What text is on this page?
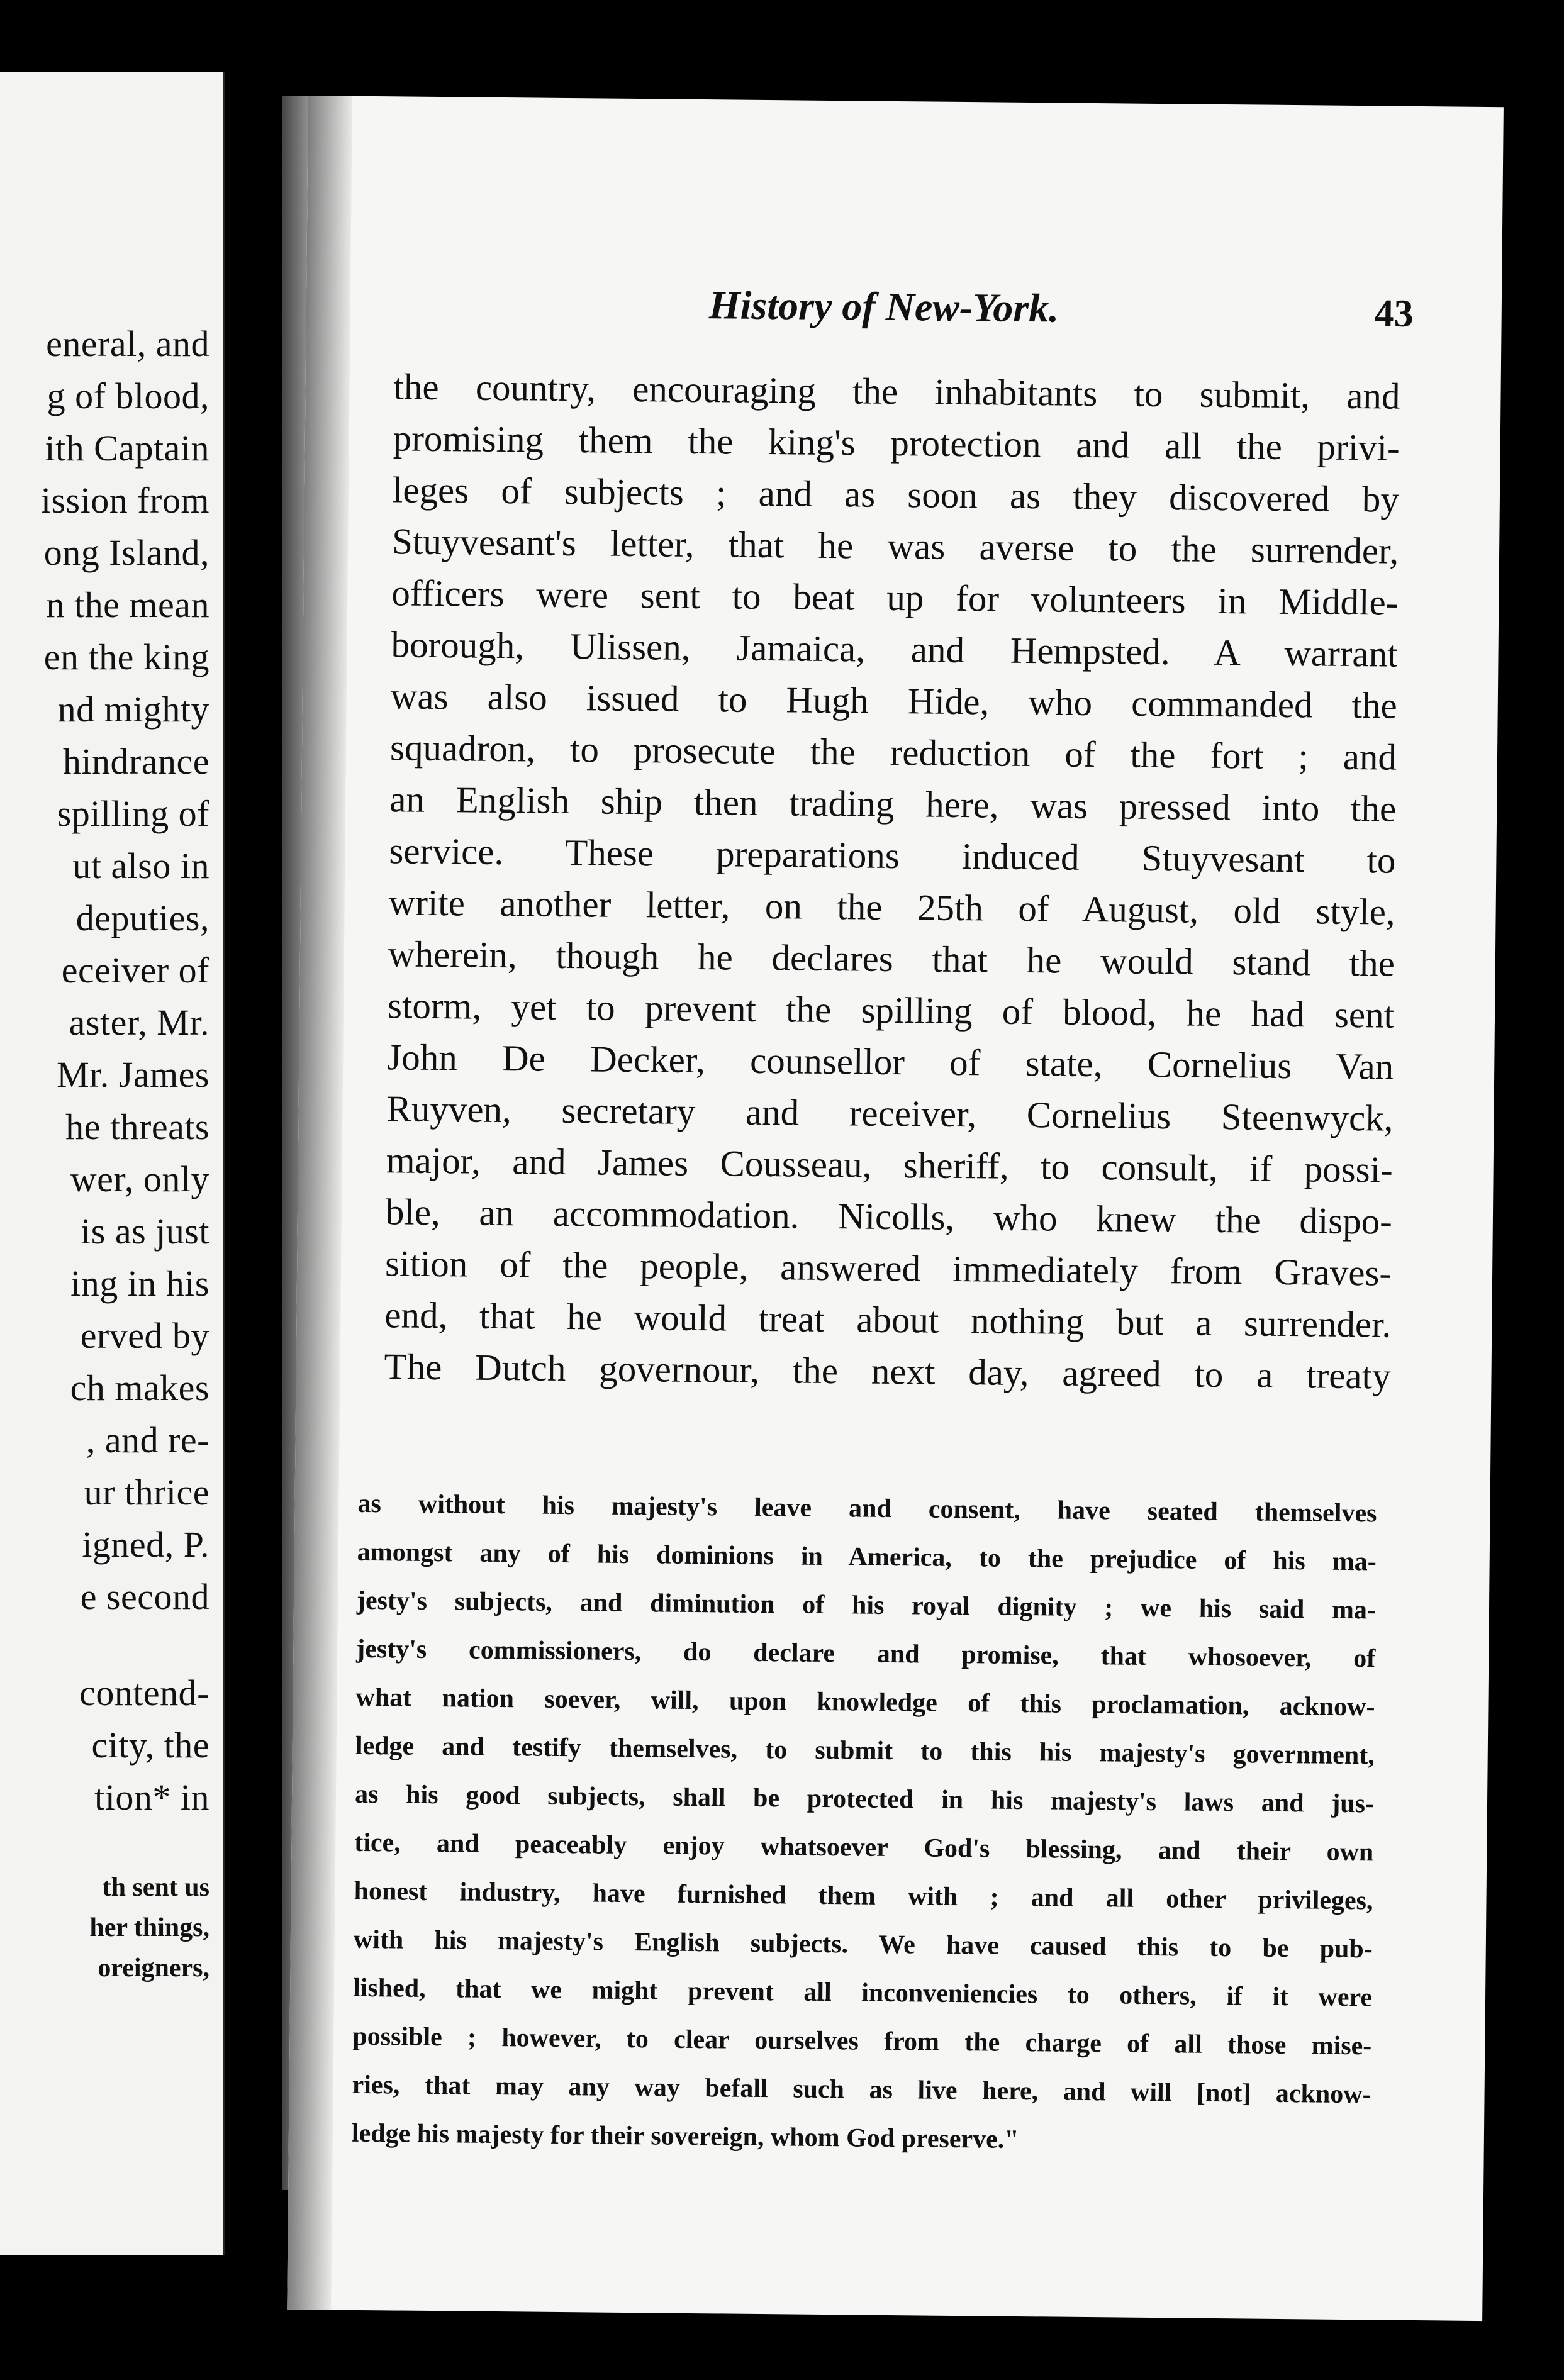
eneral, and
g of blood,
ith Captain
ission from
ong Island,
n the mean
en the king
nd mighty
hindrance
spilling of
ut also in
deputies,
eceiver of
aster, Mr.
Mr. James
he threats
wer, only
is as just
ing in his
erved by
ch makes
, and re-
ur thrice
igned, P.
e second
contend-
city, the
tion* in
th sent us
her things,
oreigners,
History of New-York.	43
the country, encouraging the inhabitants to submit, and
promising them the king's protection and all the privi-
leges of subjects ; and as soon as they discovered by
Stuyvesant's letter, that he was averse to the surrender,
officers were sent to beat up for volunteers in Middle-
borough, Ulissen, Jamaica, and Hempsted. A warrant
was also issued to Hugh Hide, who commanded the
squadron, to prosecute the reduction of the fort ; and
an English ship then trading here, was pressed into the
service. These preparations induced Stuyvesant to
write another letter, on the 25th of August, old style,
wherein, though he declares that he would stand the
storm, yet to prevent the spilling of blood, he had sent
John De Decker, counsellor of state, Cornelius Van
Ruyven, secretary and receiver, Cornelius Steenwyck,
major, and James Cousseau, sheriff, to consult, if possi-
ble, an accommodation. Nicolls, who knew the dispo-
sition of the people, answered immediately from Graves-
end, that he would treat about nothing but a surrender.
The Dutch governour, the next day, agreed to a treaty
as without his majesty's leave and consent, have seated themselves
amongst any of his dominions in America, to the prejudice of his ma-
jesty's subjects, and diminution of his royal dignity ; we his said ma-
jesty's commissioners, do declare and promise, that whosoever, of
what nation soever, will, upon knowledge of this proclamation, acknow-
ledge and testify themselves, to submit to this his majesty's government,
as his good subjects, shall be protected in his majesty's laws and jus-
tice, and peaceably enjoy whatsoever God's blessing, and their own
honest industry, have furnished them with ; and all other privileges,
with his majesty's English subjects. We have caused this to be pub-
lished, that we might prevent all inconveniencies to others, if it were
possible ; however, to clear ourselves from the charge of all those mise-
ries, that may any way befall such as live here, and will [not] acknow-
ledge his majesty for their sovereign, whom God preserve."
